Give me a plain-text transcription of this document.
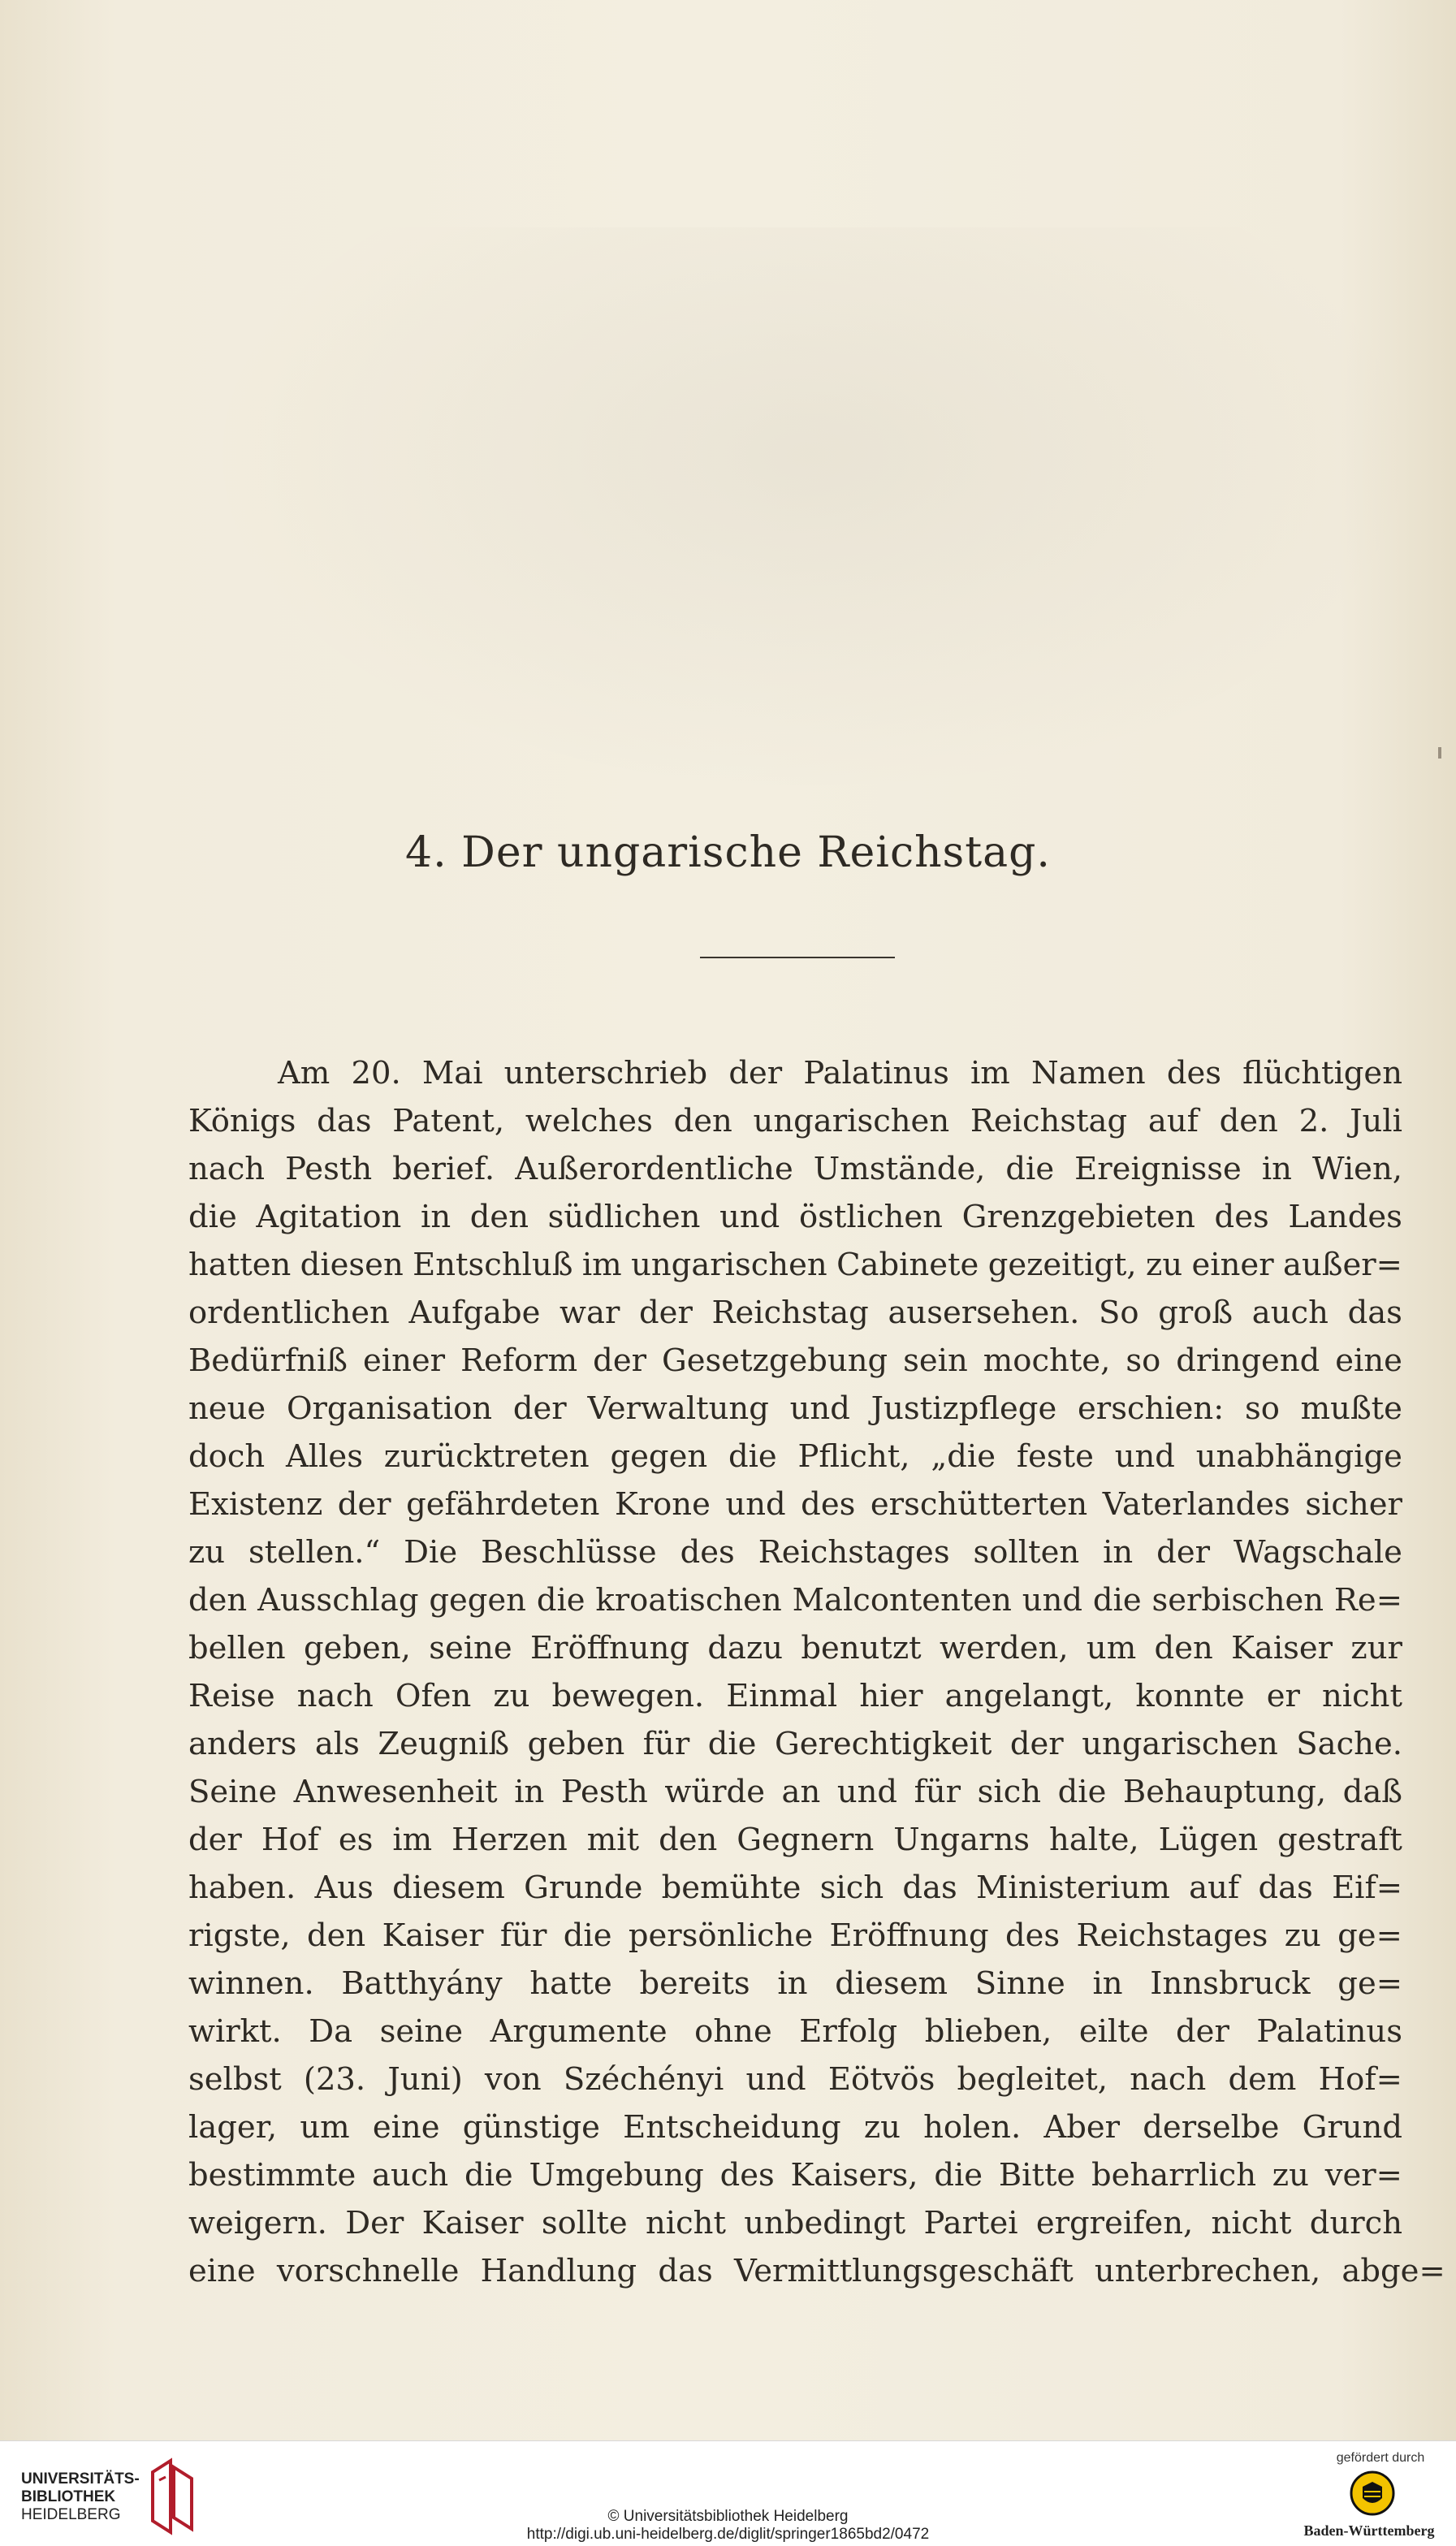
4. Der ungarische Reichstag.
Am 20. Mai unterschrieb der Palatinus im Namen des flüchtigen
Königs das Patent, welches den ungarischen Reichstag auf den 2. Juli
nach Pesth berief. Außerordentliche Umstände, die Ereignisse in Wien,
die Agitation in den südlichen und östlichen Grenzgebieten des Landes
hatten diesen Entschluß im ungarischen Cabinete gezeitigt, zu einer außer=
ordentlichen Aufgabe war der Reichstag ausersehen. So groß auch das
Bedürfniß einer Reform der Gesetzgebung sein mochte, so dringend eine
neue Organisation der Verwaltung und Justizpflege erschien: so mußte
doch Alles zurücktreten gegen die Pflicht, „die feste und unabhängige
Existenz der gefährdeten Krone und des erschütterten Vaterlandes sicher
zu stellen.“ Die Beschlüsse des Reichstages sollten in der Wagschale
den Ausschlag gegen die kroatischen Malcontenten und die serbischen Re=
bellen geben, seine Eröffnung dazu benutzt werden, um den Kaiser zur
Reise nach Ofen zu bewegen. Einmal hier angelangt, konnte er nicht
anders als Zeugniß geben für die Gerechtigkeit der ungarischen Sache.
Seine Anwesenheit in Pesth würde an und für sich die Behauptung, daß
der Hof es im Herzen mit den Gegnern Ungarns halte, Lügen gestraft
haben. Aus diesem Grunde bemühte sich das Ministerium auf das Eif=
rigste, den Kaiser für die persönliche Eröffnung des Reichstages zu ge=
winnen. Batthyány hatte bereits in diesem Sinne in Innsbruck ge=
wirkt. Da seine Argumente ohne Erfolg blieben, eilte der Palatinus
selbst (23. Juni) von Széchényi und Eötvös begleitet, nach dem Hof=
lager, um eine günstige Entscheidung zu holen. Aber derselbe Grund
bestimmte auch die Umgebung des Kaisers, die Bitte beharrlich zu ver=
weigern. Der Kaiser sollte nicht unbedingt Partei ergreifen, nicht durch
eine vorschnelle Handlung das Vermittlungsgeschäft unterbrechen, abge=
UNIVERSITÄTS-
BIBLIOTHEK
HEIDELBERG	© Universitätsbibliothek Heidelberg
http://digi.ub.uni-heidelberg.de/diglit/springer1865bd2/0472
gefördert durch
Baden-Württemberg
